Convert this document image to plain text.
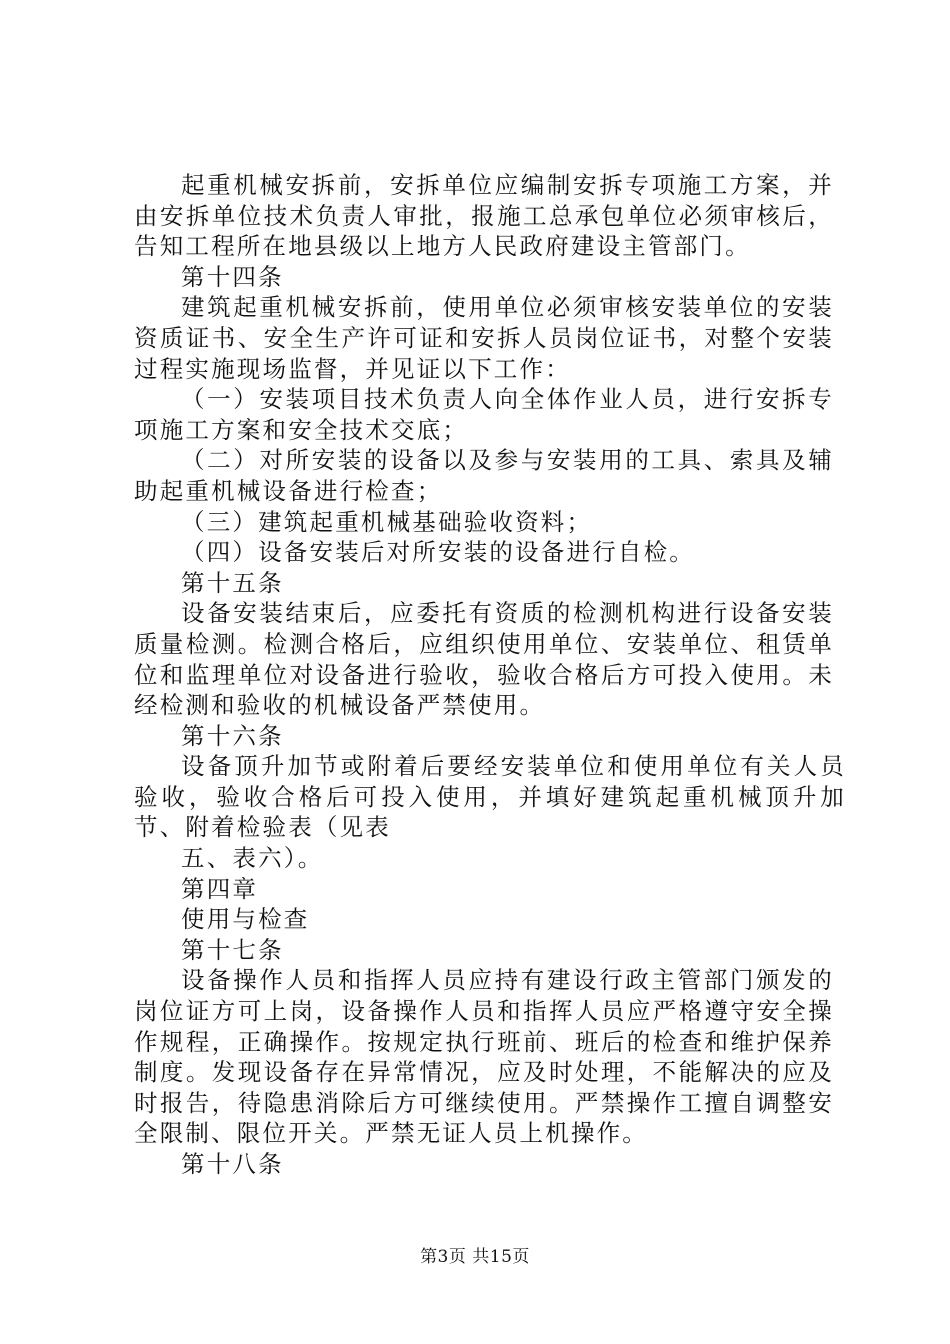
起重机械安拆前，安拆单位应编制安拆专项施工方案，并由安拆单位技术负责人审批，报施工总承包单位必须审核后，告知工程所在地县级以上地方人民政府建设主管部门。

第十四条

建筑起重机械安拆前，使用单位必须审核安装单位的安装资质证书、安全生产许可证和安拆人员岗位证书，对整个安装过程实施现场监督，并见证以下工作：

（一）安装项目技术负责人向全体作业人员，进行安拆专项施工方案和安全技术交底；

（二）对所安装的设备以及参与安装用的工具、索具及辅助起重机械设备进行检查；

（三）建筑起重机械基础验收资料；

（四）设备安装后对所安装的设备进行自检。

第十五条

设备安装结束后，应委托有资质的检测机构进行设备安装质量检测。检测合格后，应组织使用单位、安装单位、租赁单位和监理单位对设备进行验收，验收合格后方可投入使用。未经检测和验收的机械设备严禁使用。

第十六条

设备顶升加节或附着后要经安装单位和使用单位有关人员验收，验收合格后可投入使用，并填好建筑起重机械顶升加节、附着检验表（见表

五、表六）。

第四章

使用与检查

第十七条

设备操作人员和指挥人员应持有建设行政主管部门颁发的岗位证方可上岗，设备操作人员和指挥人员应严格遵守安全操作规程，正确操作。按规定执行班前、班后的检查和维护保养制度。发现设备存在异常情况，应及时处理，不能解决的应及时报告，待隐患消除后方可继续使用。严禁操作工擅自调整安全限制、限位开关。严禁无证人员上机操作。

第十八条

第3页 共15页
